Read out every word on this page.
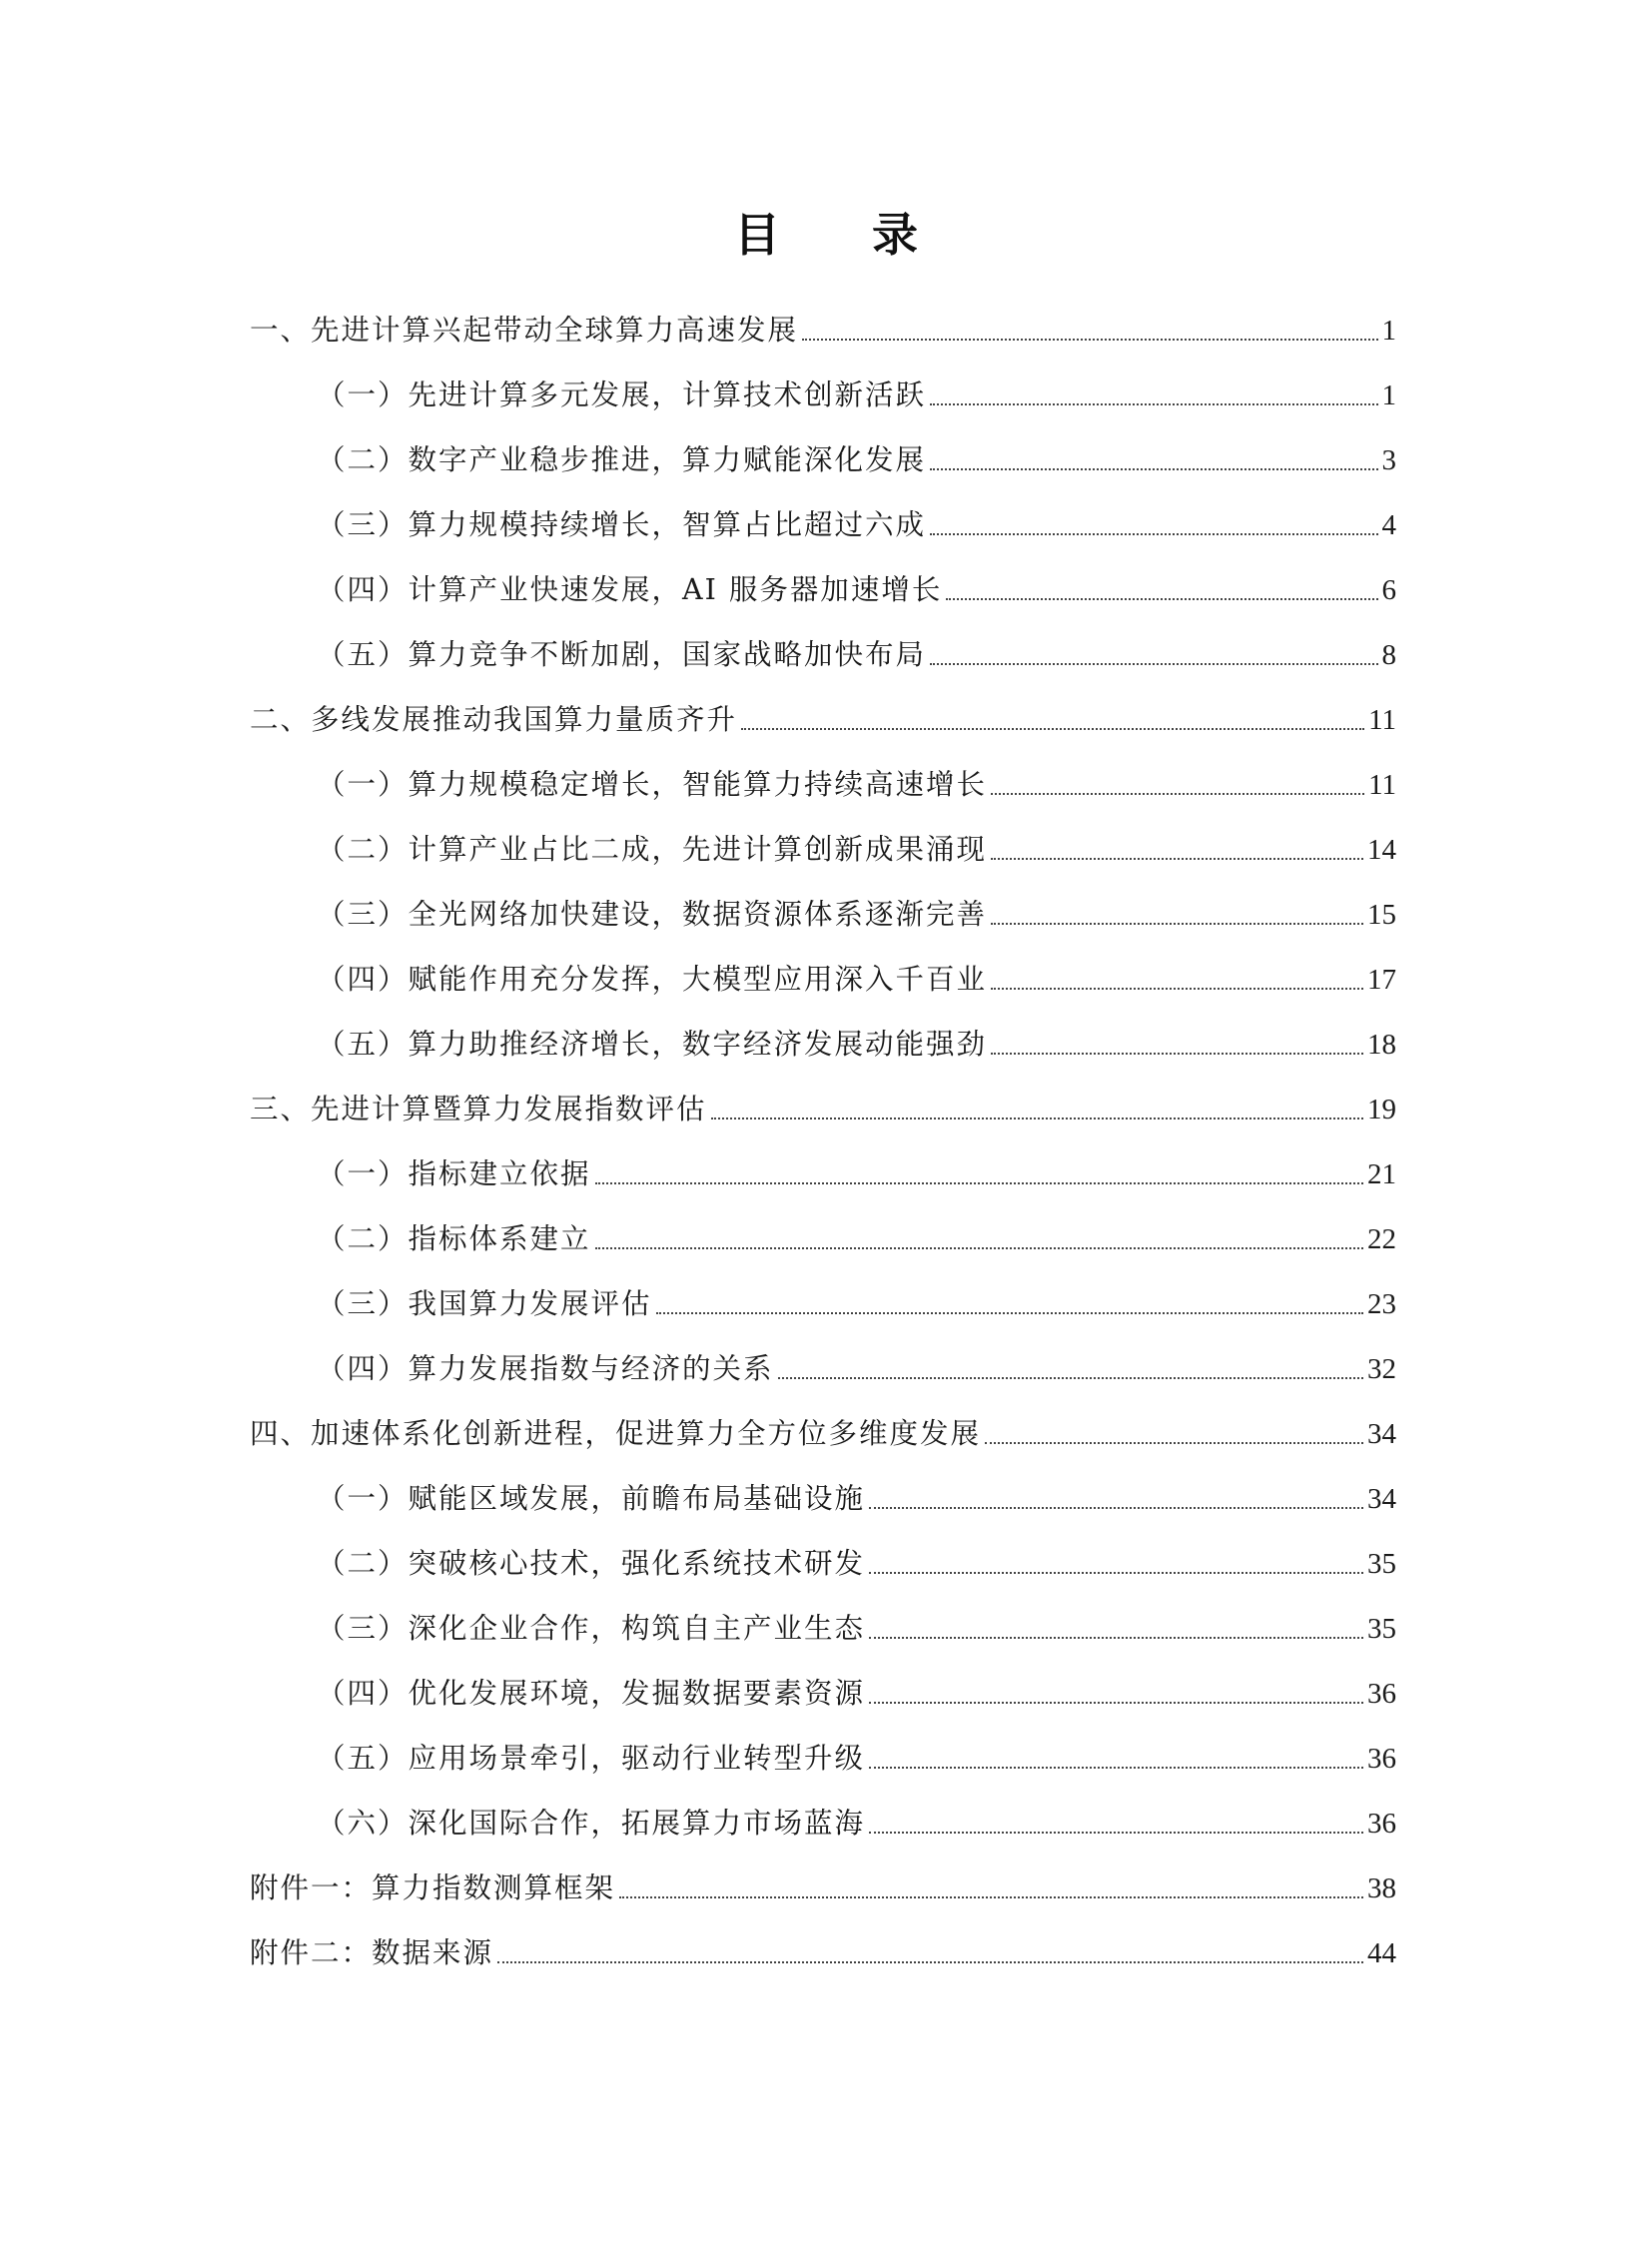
目 录
一、先进计算兴起带动全球算力高速发展	1
（一）先进计算多元发展，计算技术创新活跃	1
（二）数字产业稳步推进，算力赋能深化发展	3
（三）算力规模持续增长，智算占比超过六成	4
（四）计算产业快速发展，AI 服务器加速增长	6
（五）算力竞争不断加剧，国家战略加快布局	8
二、多线发展推动我国算力量质齐升	11
（一）算力规模稳定增长，智能算力持续高速增长	11
（二）计算产业占比二成，先进计算创新成果涌现	14
（三）全光网络加快建设，数据资源体系逐渐完善	15
（四）赋能作用充分发挥，大模型应用深入千百业	17
（五）算力助推经济增长，数字经济发展动能强劲	18
三、先进计算暨算力发展指数评估	19
（一）指标建立依据	21
（二）指标体系建立	22
（三）我国算力发展评估	23
（四）算力发展指数与经济的关系	32
四、加速体系化创新进程，促进算力全方位多维度发展	34
（一）赋能区域发展，前瞻布局基础设施	34
（二）突破核心技术，强化系统技术研发	35
（三）深化企业合作，构筑自主产业生态	35
（四）优化发展环境，发掘数据要素资源	36
（五）应用场景牵引，驱动行业转型升级	36
（六）深化国际合作，拓展算力市场蓝海	36
附件一：算力指数测算框架	38
附件二：数据来源	44
